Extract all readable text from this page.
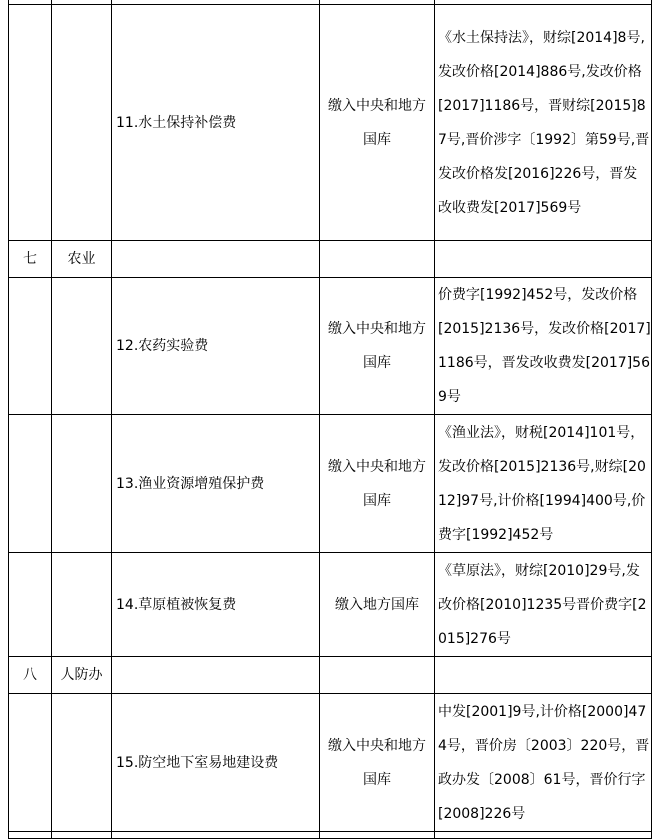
		11.水土保持补偿费	缴入中央和地方国库	《水土保持法》，财综[2014]8号,发改价格[2014]886号,发改价格[2017]1186号，晋财综[2015]87号,晋价涉字〔1992〕第59号,晋发改价格发[2016]226号，晋发改收费发[2017]569号
七	农业			
		12.农药实验费	缴入中央和地方国库	价费字[1992]452号，发改价格[2015]2136号，发改价格[2017]1186号，晋发改收费发[2017]569号
		13.渔业资源增殖保护费	缴入中央和地方国库	《渔业法》，财税[2014]101号，发改价格[2015]2136号,财综[2012]97号,计价格[1994]400号,价费字[1992]452号
		14.草原植被恢复费	缴入地方国库	《草原法》，财综[2010]29号,发改价格[2010]1235号晋价费字[2015]276号
八	人防办			
		15.防空地下室易地建设费	缴入中央和地方国库	中发[2001]9号,计价格[2000]474号，晋价房〔2003〕220号，晋政办发〔2008〕61号，晋价行字[2008]226号
